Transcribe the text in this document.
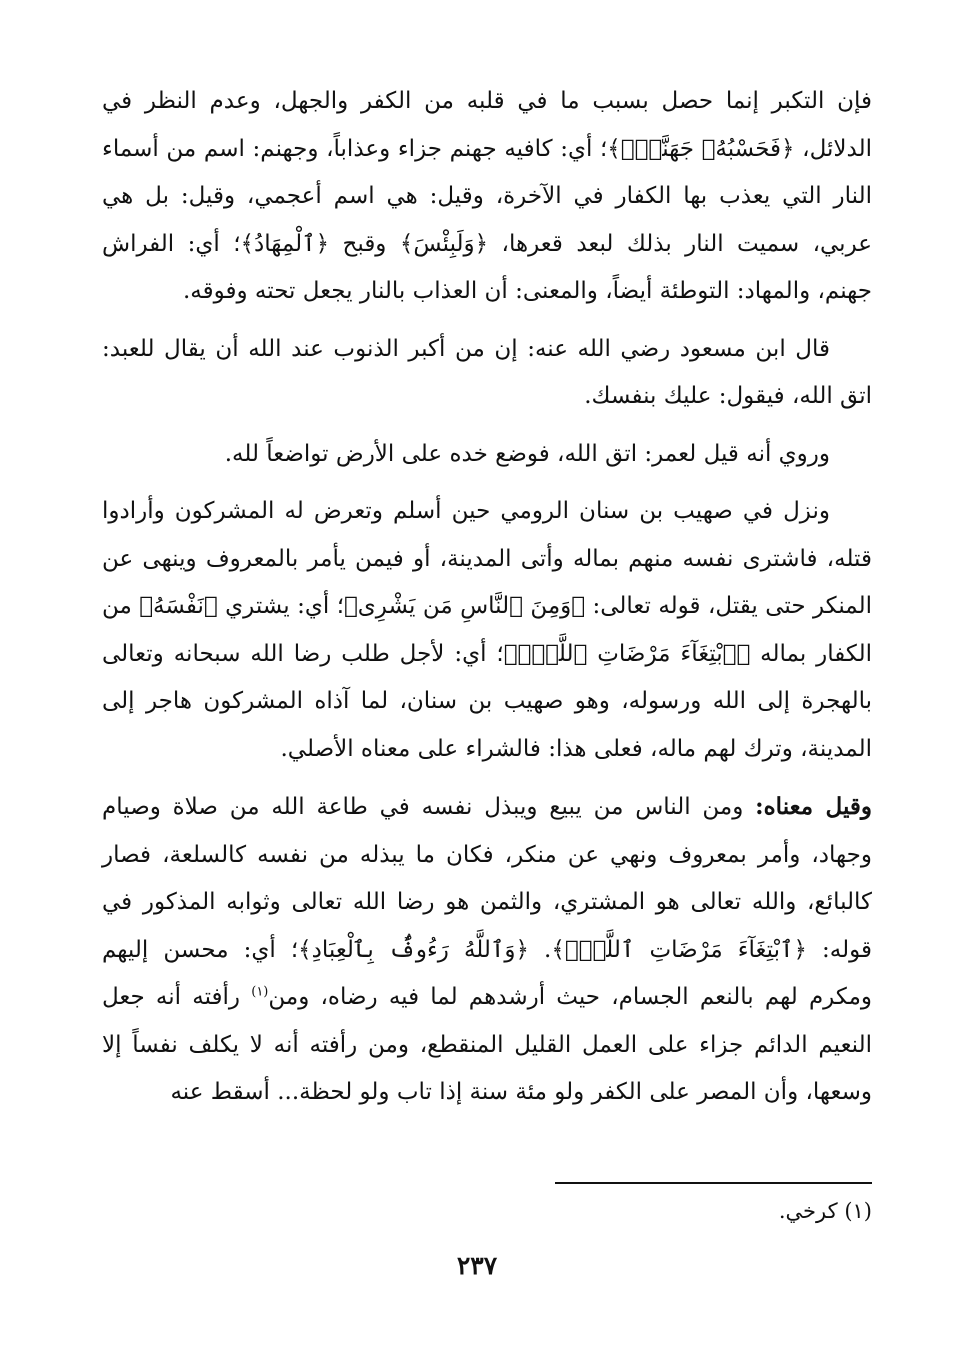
فإن التكبر إنما حصل بسبب ما في قلبه من الكفر والجهل، وعدم النظر في الدلائل، ﴿فَحَسْبُهُۥ جَهَنَّمُۖ﴾؛ أي: كافيه جهنم جزاء وعذاباً، وجهنم: اسم من أسماء النار التي يعذب بها الكفار في الآخرة، وقيل: هي اسم أعجمي، وقيل: بل هي عربي، سميت النار بذلك لبعد قعرها، ﴿وَلَبِئْسَ﴾ وقبح ﴿ٱلْمِهَادُ﴾؛ أي: الفراش جهنم، والمهاد: التوطئة أيضاً، والمعنى: أن العذاب بالنار يجعل تحته وفوقه.

قال ابن مسعود رضي الله عنه: إن من أكبر الذنوب عند الله أن يقال للعبد: اتق الله، فيقول: عليك بنفسك.

وروي أنه قيل لعمر: اتق الله، فوضع خده على الأرض تواضعاً لله.

ونزل في صهيب بن سنان الرومي حين أسلم وتعرض له المشركون وأرادوا قتله، فاشترى نفسه منهم بماله وأتى المدينة، أو فيمن يأمر بالمعروف وينهى عن المنكر حتى يقتل، قوله تعالى: ﴿وَمِنَ ٱلنَّاسِ مَن يَشْرِى﴾؛ أي: يشتري ﴿نَفْسَهُ﴾ من الكفار بماله ﴿ٱبْتِغَآءَ مَرْضَاتِ ٱللَّهِۗ﴾؛ أي: لأجل طلب رضا الله سبحانه وتعالى بالهجرة إلى الله ورسوله، وهو صهيب بن سنان، لما آذاه المشركون هاجر إلى المدينة، وترك لهم ماله، فعلى هذا: فالشراء على معناه الأصلي.

وقيل معناه: ومن الناس من يبيع ويبذل نفسه في طاعة الله من صلاة وصيام وجهاد، وأمر بمعروف ونهي عن منكر، فكان ما يبذله من نفسه كالسلعة، فصار كالبائع، والله تعالى هو المشتري، والثمن هو رضا الله تعالى وثوابه المذكور في قوله: ﴿ٱبْتِغَآءَ مَرْضَاتِ ٱللَّهِۗ﴾. ﴿وَٱللَّهُ رَءُوفٌۢ بِٱلْعِبَادِ﴾؛ أي: محسن إليهم ومكرم لهم بالنعم الجسام، حيث أرشدهم لما فيه رضاه، ومن$^{(١)}$ رأفته أنه جعل النعيم الدائم جزاء على العمل القليل المنقطع، ومن رأفته أنه لا يكلف نفساً إلا وسعها، وأن المصر على الكفر ولو مئة سنة إذا تاب ولو لحظة... أسقط عنه

(١) كرخي.
٢٣٧
